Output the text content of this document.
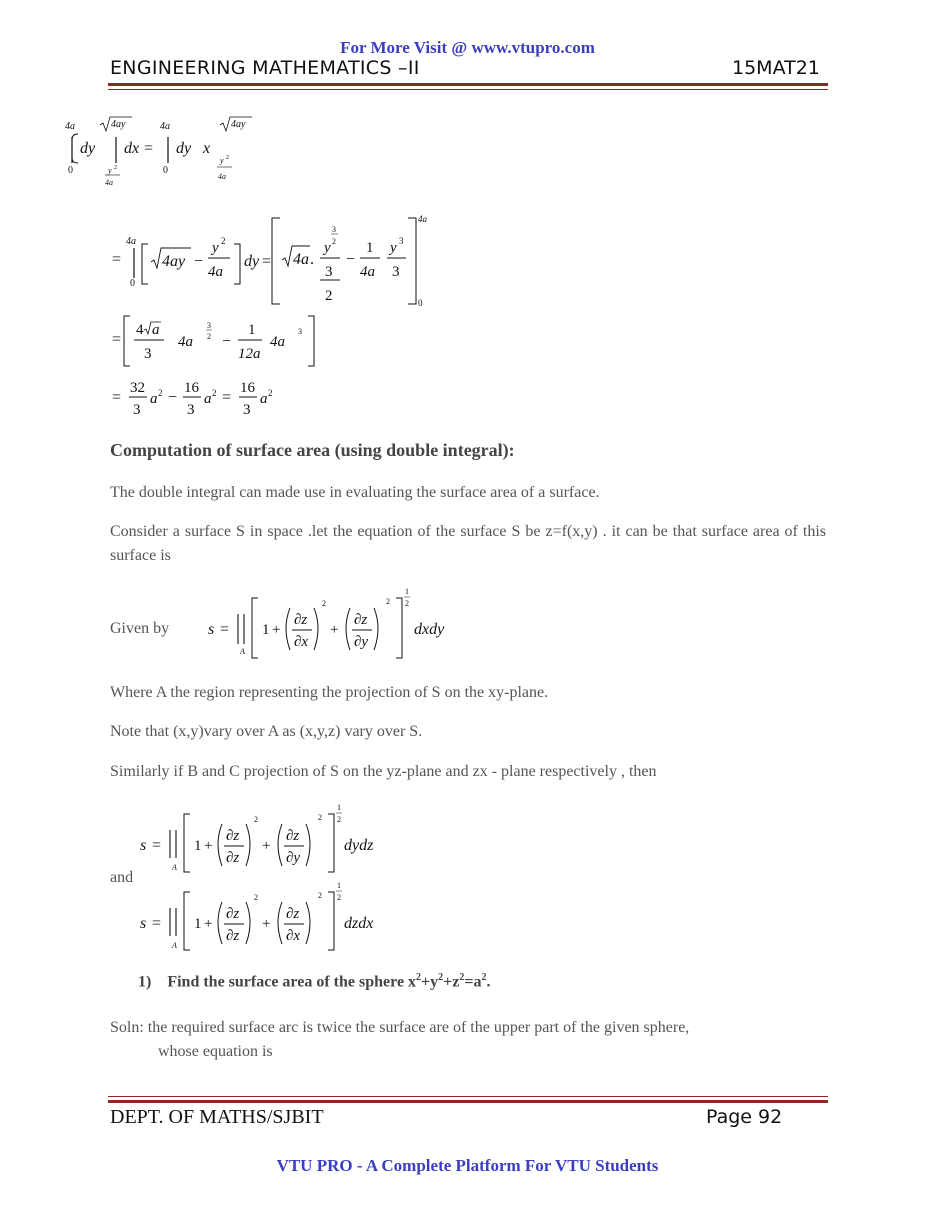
For More Visit @ www.vtupro.com
ENGINEERING MATHEMATICS –II	15MAT21
4a
0
dy
4ay
y 2
4a
dx =
4a
0
dy x
4ay
y 2
4a
=
4a
0
4ay −
y 2
4a
dy = 4a .
y
3
2
3
2
−
1
4a
y 3
3
4a
0
=
4 a
3
4a
3
2 −
1
12a
4a
3
=
32
3
a 2 −
16
3
a 2 =
16
3
a 2
Computation of surface area (using double integral):
The double integral can made use in evaluating the surface area of a surface.
Consider a surface S in space .let the equation of the surface S be z=f(x,y) . it can be that surface area of this surface is
Given by	s =
A
1 +
∂z
∂x
2
+
∂z
∂y
2
1
2
dxdy
Where A the region representing the projection of S on the xy-plane.
Note that (x,y)vary over A as (x,y,z) vary over S.
Similarly if B and C projection of S on the yz-plane and zx - plane respectively , then
s =
A
1 +
∂z
∂z
2
+
∂z
∂y
2
1
2
dydz
and
s =
A
1 +
∂z
∂z
2
+
∂z
∂x
2
1
2
dzdx
1) Find the surface area of the sphere $x^2+y^2+z^2=a^2$.
Soln: the required surface arc is twice the surface are of the upper part of the given sphere,
whose equation is
DEPT. OF MATHS/SJBIT	Page 92
VTU PRO - A Complete Platform For VTU Students
